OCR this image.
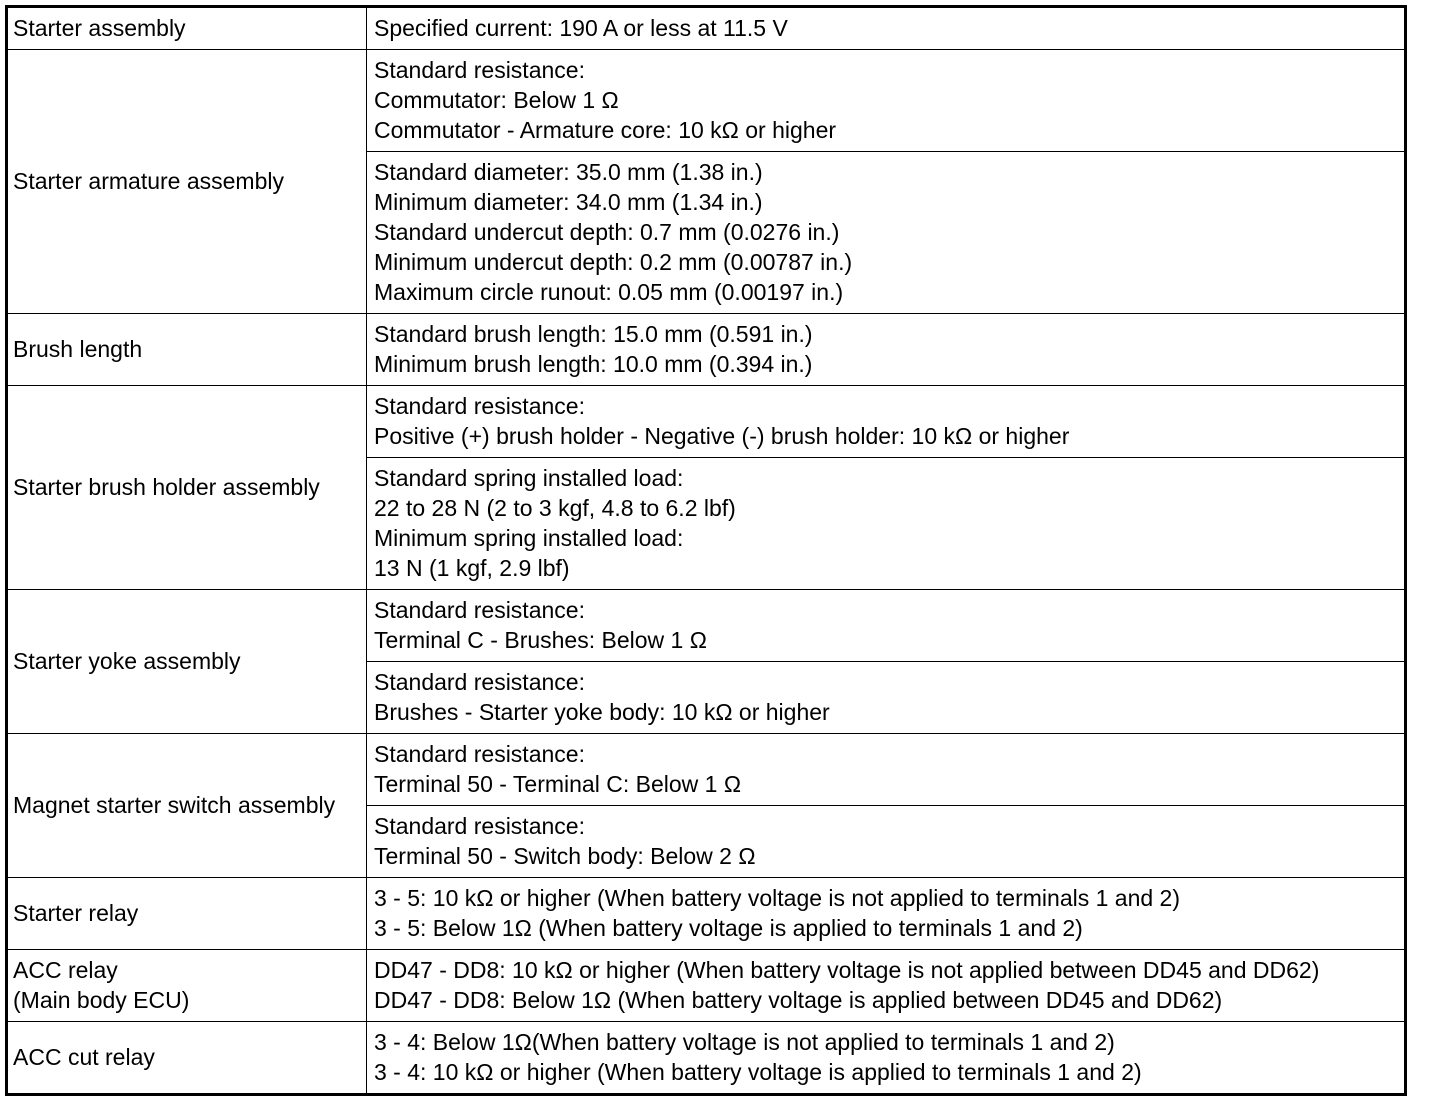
Starter assembly	Specified current: 190 A or less at 11.5 V

Starter armature assembly	Standard resistance:
Commutator: Below 1 Ω
Commutator - Armature core: 10 kΩ or higher

	Standard diameter: 35.0 mm (1.38 in.)
Minimum diameter: 34.0 mm (1.34 in.)
Standard undercut depth: 0.7 mm (0.0276 in.)
Minimum undercut depth: 0.2 mm (0.00787 in.)
Maximum circle runout: 0.05 mm (0.00197 in.)

Brush length	Standard brush length: 15.0 mm (0.591 in.)
Minimum brush length: 10.0 mm (0.394 in.)

Starter brush holder assembly	Standard resistance:
Positive (+) brush holder - Negative (-) brush holder: 10 kΩ or higher

	Standard spring installed load:
22 to 28 N (2 to 3 kgf, 4.8 to 6.2 lbf)
Minimum spring installed load:
13 N (1 kgf, 2.9 lbf)

Starter yoke assembly	Standard resistance:
Terminal C - Brushes: Below 1 Ω

	Standard resistance:
Brushes - Starter yoke body: 10 kΩ or higher

Magnet starter switch assembly	Standard resistance:
Terminal 50 - Terminal C: Below 1 Ω

	Standard resistance:
Terminal 50 - Switch body: Below 2 Ω

Starter relay	3 - 5: 10 kΩ or higher (When battery voltage is not applied to terminals 1 and 2)
3 - 5: Below 1Ω (When battery voltage is applied to terminals 1 and 2)

ACC relay
(Main body ECU)	DD47 - DD8: 10 kΩ or higher (When battery voltage is not applied between DD45 and DD62)
DD47 - DD8: Below 1Ω (When battery voltage is applied between DD45 and DD62)

ACC cut relay	3 - 4: Below 1Ω(When battery voltage is not applied to terminals 1 and 2)
3 - 4: 10 kΩ or higher (When battery voltage is applied to terminals 1 and 2)
